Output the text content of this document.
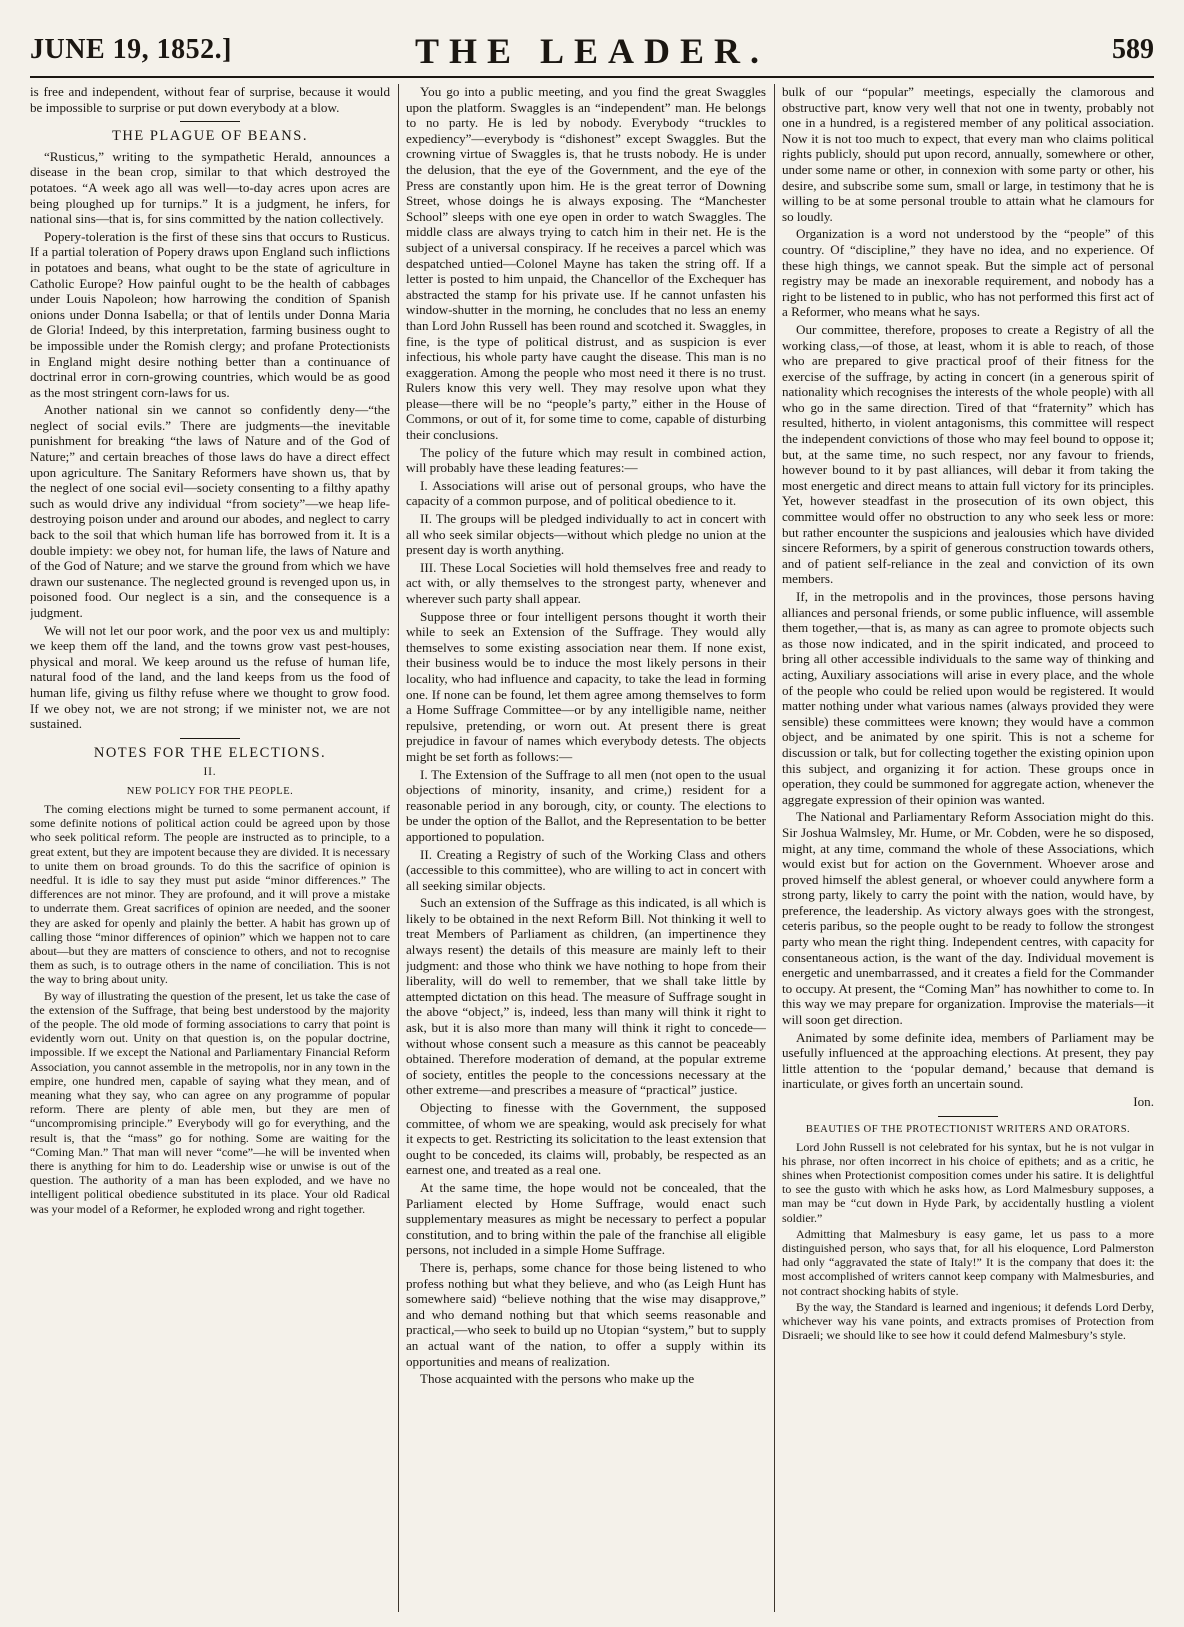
JUNE 19, 1852.]	THE LEADER.	589

is free and independent, without fear of surprise, because it would be impossible to surprise or put down everybody at a blow.

THE PLAGUE OF BEANS.

“Rusticus,” writing to the sympathetic Herald, announces a disease in the bean crop, similar to that which destroyed the potatoes. “A week ago all was well—to-day acres upon acres are being ploughed up for turnips.” It is a judgment, he infers, for national sins—that is, for sins committed by the nation collectively.

Popery-toleration is the first of these sins that occurs to Rusticus. If a partial toleration of Popery draws upon England such inflictions in potatoes and beans, what ought to be the state of agriculture in Catholic Europe? How painful ought to be the health of cabbages under Louis Napoleon; how harrowing the condition of Spanish onions under Donna Isabella; or that of lentils under Donna Maria de Gloria! Indeed, by this interpretation, farming business ought to be impossible under the Romish clergy; and profane Protectionists in England might desire nothing better than a continuance of doctrinal error in corn-growing countries, which would be as good as the most stringent corn-laws for us.

Another national sin we cannot so confidently deny—“the neglect of social evils.” There are judgments—the inevitable punishment for breaking “the laws of Nature and of the God of Nature;” and certain breaches of those laws do have a direct effect upon agriculture. The Sanitary Reformers have shown us, that by the neglect of one social evil—society consenting to a filthy apathy such as would drive any individual “from society”—we heap life-destroying poison under and around our abodes, and neglect to carry back to the soil that which human life has borrowed from it. It is a double impiety: we obey not, for human life, the laws of Nature and of the God of Nature; and we starve the ground from which we have drawn our sustenance. The neglected ground is revenged upon us, in poisoned food. Our neglect is a sin, and the consequence is a judgment.

We will not let our poor work, and the poor vex us and multiply: we keep them off the land, and the towns grow vast pest-houses, physical and moral. We keep around us the refuse of human life, natural food of the land, and the land keeps from us the food of human life, giving us filthy refuse where we thought to grow food. If we obey not, we are not strong; if we minister not, we are not sustained.

NOTES FOR THE ELECTIONS.
II.
NEW POLICY FOR THE PEOPLE.

The coming elections might be turned to some permanent account, if some definite notions of political action could be agreed upon by those who seek political reform. The people are instructed as to principle, to a great extent, but they are impotent because they are divided. It is necessary to unite them on broad grounds. To do this the sacrifice of opinion is needful. It is idle to say they must put aside “minor differences.” The differences are not minor. They are profound, and it will prove a mistake to underrate them. Great sacrifices of opinion are needed, and the sooner they are asked for openly and plainly the better. A habit has grown up of calling those “minor differences of opinion” which we happen not to care about—but they are matters of conscience to others, and not to recognise them as such, is to outrage others in the name of conciliation. This is not the way to bring about unity.

By way of illustrating the question of the present, let us take the case of the extension of the Suffrage, that being best understood by the majority of the people. The old mode of forming associations to carry that point is evidently worn out. Unity on that question is, on the popular doctrine, impossible. If we except the National and Parliamentary Financial Reform Association, you cannot assemble in the metropolis, nor in any town in the empire, one hundred men, capable of saying what they mean, and of meaning what they say, who can agree on any programme of popular reform. There are plenty of able men, but they are men of “uncompromising principle.” Everybody will go for everything, and the result is, that the “mass” go for nothing. Some are waiting for the “Coming Man.” That man will never “come”—he will be invented when there is anything for him to do. Leadership wise or unwise is out of the question. The authority of a man has been exploded, and we have no intelligent political obedience substituted in its place. Your old Radical was your model of a Reformer, he exploded wrong and right together.

You go into a public meeting, and you find the great Swaggles upon the platform. Swaggles is an “independent” man. He belongs to no party. He is led by nobody. Everybody “truckles to expediency”—everybody is “dishonest” except Swaggles. But the crowning virtue of Swaggles is, that he trusts nobody. He is under the delusion, that the eye of the Government, and the eye of the Press are constantly upon him. He is the great terror of Downing Street, whose doings he is always exposing. The “Manchester School” sleeps with one eye open in order to watch Swaggles. The middle class are always trying to catch him in their net. He is the subject of a universal conspiracy. If he receives a parcel which was despatched untied—Colonel Mayne has taken the string off. If a letter is posted to him unpaid, the Chancellor of the Exchequer has abstracted the stamp for his private use. If he cannot unfasten his window-shutter in the morning, he concludes that no less an enemy than Lord John Russell has been round and scotched it. Swaggles, in fine, is the type of political distrust, and as suspicion is ever infectious, his whole party have caught the disease. This man is no exaggeration. Among the people who most need it there is no trust. Rulers know this very well. They may resolve upon what they please—there will be no “people’s party,” either in the House of Commons, or out of it, for some time to come, capable of disturbing their conclusions.

The policy of the future which may result in combined action, will probably have these leading features:—

I. Associations will arise out of personal groups, who have the capacity of a common purpose, and of political obedience to it.

II. The groups will be pledged individually to act in concert with all who seek similar objects—without which pledge no union at the present day is worth anything.

III. These Local Societies will hold themselves free and ready to act with, or ally themselves to the strongest party, whenever and wherever such party shall appear.

Suppose three or four intelligent persons thought it worth their while to seek an Extension of the Suffrage. They would ally themselves to some existing association near them. If none exist, their business would be to induce the most likely persons in their locality, who had influence and capacity, to take the lead in forming one. If none can be found, let them agree among themselves to form a Home Suffrage Committee—or by any intelligible name, neither repulsive, pretending, or worn out. At present there is great prejudice in favour of names which everybody detests. The objects might be set forth as follows:—

I. The Extension of the Suffrage to all men (not open to the usual objections of minority, insanity, and crime,) resident for a reasonable period in any borough, city, or county. The elections to be under the option of the Ballot, and the Representation to be better apportioned to population.

II. Creating a Registry of such of the Working Class and others (accessible to this committee), who are willing to act in concert with all seeking similar objects.

Such an extension of the Suffrage as this indicated, is all which is likely to be obtained in the next Reform Bill. Not thinking it well to treat Members of Parliament as children, (an impertinence they always resent) the details of this measure are mainly left to their judgment: and those who think we have nothing to hope from their liberality, will do well to remember, that we shall take little by attempted dictation on this head. The measure of Suffrage sought in the above “object,” is, indeed, less than many will think it right to ask, but it is also more than many will think it right to concede—without whose consent such a measure as this cannot be peaceably obtained. Therefore moderation of demand, at the popular extreme of society, entitles the people to the concessions necessary at the other extreme—and prescribes a measure of “practical” justice.

Objecting to finesse with the Government, the supposed committee, of whom we are speaking, would ask precisely for what it expects to get. Restricting its solicitation to the least extension that ought to be conceded, its claims will, probably, be respected as an earnest one, and treated as a real one.

At the same time, the hope would not be concealed, that the Parliament elected by Home Suffrage, would enact such supplementary measures as might be necessary to perfect a popular constitution, and to bring within the pale of the franchise all eligible persons, not included in a simple Home Suffrage.

There is, perhaps, some chance for those being listened to who profess nothing but what they believe, and who (as Leigh Hunt has somewhere said) “believe nothing that the wise may disapprove,” and who demand nothing but that which seems reasonable and practical,—who seek to build up no Utopian “system,” but to supply an actual want of the nation, to offer a supply within its opportunities and means of realization.

Those acquainted with the persons who make up the

bulk of our “popular” meetings, especially the clamorous and obstructive part, know very well that not one in twenty, probably not one in a hundred, is a registered member of any political association. Now it is not too much to expect, that every man who claims political rights publicly, should put upon record, annually, somewhere or other, under some name or other, in connexion with some party or other, his desire, and subscribe some sum, small or large, in testimony that he is willing to be at some personal trouble to attain what he clamours for so loudly.

Organization is a word not understood by the “people” of this country. Of “discipline,” they have no idea, and no experience. Of these high things, we cannot speak. But the simple act of personal registry may be made an inexorable requirement, and nobody has a right to be listened to in public, who has not performed this first act of a Reformer, who means what he says.

Our committee, therefore, proposes to create a Registry of all the working class,—of those, at least, whom it is able to reach, of those who are prepared to give practical proof of their fitness for the exercise of the suffrage, by acting in concert (in a generous spirit of nationality which recognises the interests of the whole people) with all who go in the same direction. Tired of that “fraternity” which has resulted, hitherto, in violent antagonisms, this committee will respect the independent convictions of those who may feel bound to oppose it; but, at the same time, no such respect, nor any favour to friends, however bound to it by past alliances, will debar it from taking the most energetic and direct means to attain full victory for its principles. Yet, however steadfast in the prosecution of its own object, this committee would offer no obstruction to any who seek less or more: but rather encounter the suspicions and jealousies which have divided sincere Reformers, by a spirit of generous construction towards others, and of patient self-reliance in the zeal and conviction of its own members.

If, in the metropolis and in the provinces, those persons having alliances and personal friends, or some public influence, will assemble them together,—that is, as many as can agree to promote objects such as those now indicated, and in the spirit indicated, and proceed to bring all other accessible individuals to the same way of thinking and acting, Auxiliary associations will arise in every place, and the whole of the people who could be relied upon would be registered. It would matter nothing under what various names (always provided they were sensible) these committees were known; they would have a common object, and be animated by one spirit. This is not a scheme for discussion or talk, but for collecting together the existing opinion upon this subject, and organizing it for action. These groups once in operation, they could be summoned for aggregate action, whenever the aggregate expression of their opinion was wanted.

The National and Parliamentary Reform Association might do this. Sir Joshua Walmsley, Mr. Hume, or Mr. Cobden, were he so disposed, might, at any time, command the whole of these Associations, which would exist but for action on the Government. Whoever arose and proved himself the ablest general, or whoever could anywhere form a strong party, likely to carry the point with the nation, would have, by preference, the leadership. As victory always goes with the strongest, ceteris paribus, so the people ought to be ready to follow the strongest party who mean the right thing. Independent centres, with capacity for consentaneous action, is the want of the day. Individual movement is energetic and unembarrassed, and it creates a field for the Commander to occupy. At present, the “Coming Man” has nowhither to come to. In this way we may prepare for organization. Improvise the materials—it will soon get direction.

Animated by some definite idea, members of Parliament may be usefully influenced at the approaching elections. At present, they pay little attention to the ‘popular demand,’ because that demand is inarticulate, or gives forth an uncertain sound.

Ion.

BEAUTIES OF THE PROTECTIONIST WRITERS AND ORATORS.

Lord John Russell is not celebrated for his syntax, but he is not vulgar in his phrase, nor often incorrect in his choice of epithets; and as a critic, he shines when Protectionist composition comes under his satire. It is delightful to see the gusto with which he asks how, as Lord Malmesbury supposes, a man may be “cut down in Hyde Park, by accidentally hustling a violent soldier.”

Admitting that Malmesbury is easy game, let us pass to a more distinguished person, who says that, for all his eloquence, Lord Palmerston had only “aggravated the state of Italy!” It is the company that does it: the most accomplished of writers cannot keep company with Malmesburies, and not contract shocking habits of style.

By the way, the Standard is learned and ingenious; it defends Lord Derby, whichever way his vane points, and extracts promises of Protection from Disraeli; we should like to see how it could defend Malmesbury’s style.
